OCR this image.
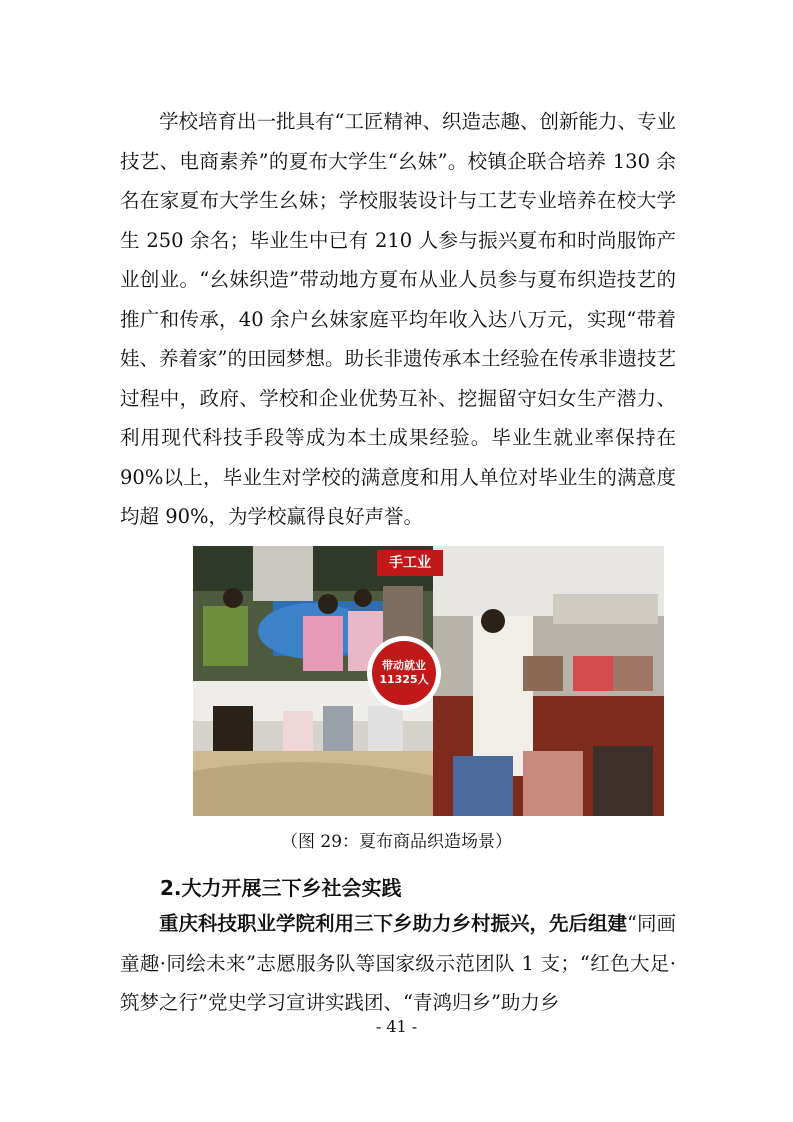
学校培育出一批具有“工匠精神、织造志趣、创新能力、专业技艺、电商素养”的夏布大学生“幺妹”。校镇企联合培养 130 余名在家夏布大学生幺妹；学校服装设计与工艺专业培养在校大学生 250 余名；毕业生中已有 210 人参与振兴夏布和时尚服饰产业创业。“幺妹织造”带动地方夏布从业人员参与夏布织造技艺的推广和传承，40 余户幺妹家庭平均年收入达八万元，实现“带着娃、养着家”的田园梦想。助长非遗传承本土经验在传承非遗技艺过程中，政府、学校和企业优势互补、挖掘留守妇女生产潜力、利用现代科技手段等成为本土成果经验。毕业生就业率保持在 90%以上，毕业生对学校的满意度和用人单位对毕业生的满意度均超 90%，为学校赢得良好声誉。

手工业
带动就业
11325人
（图 29：夏布商品织造场景）
2.大力开展三下乡社会实践

重庆科技职业学院利用三下乡助力乡村振兴，先后组建“同画童趣·同绘未来”志愿服务队等国家级示范团队 1 支；“红色大足·筑梦之行”党史学习宣讲实践团、“青鸿归乡”助力乡

- 41 -
